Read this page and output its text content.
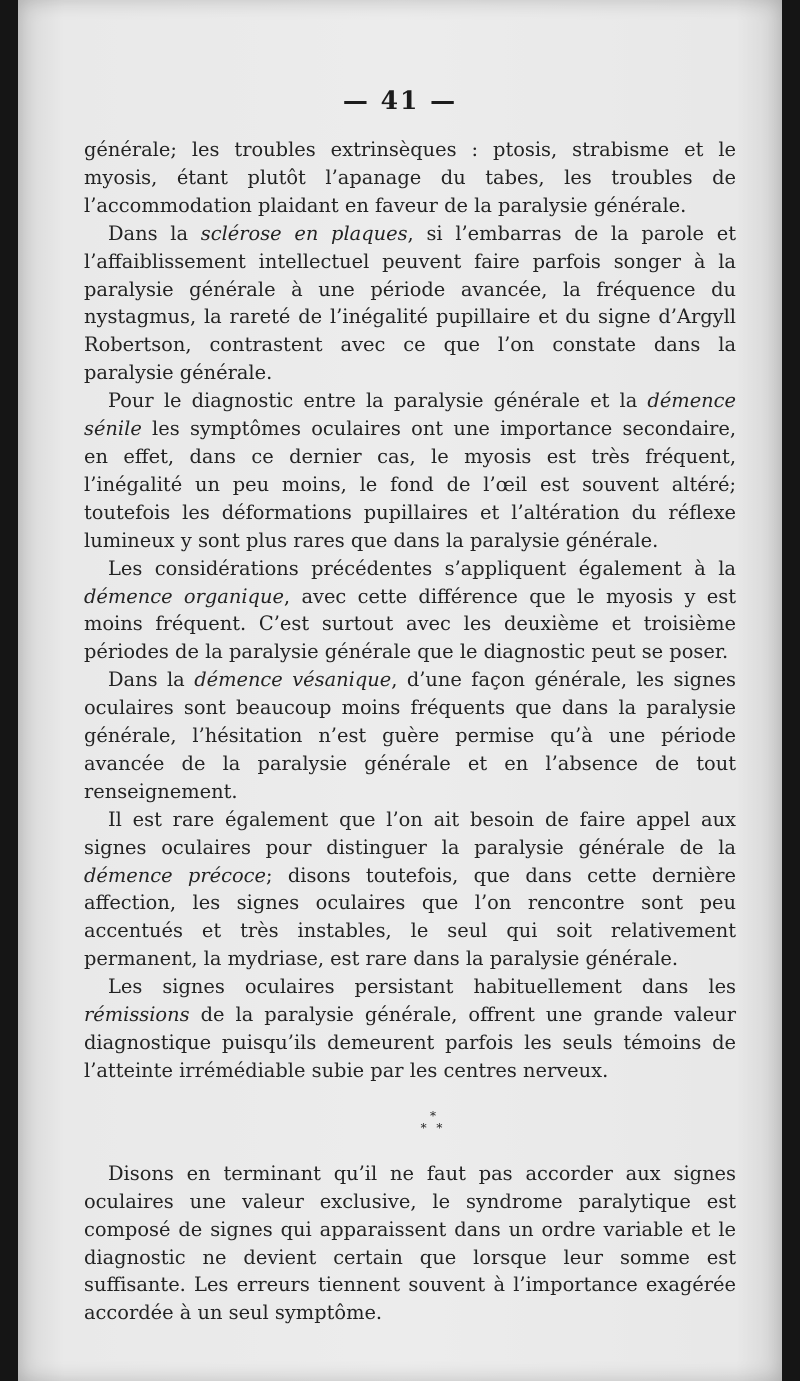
— 41 —

générale; les troubles extrinsèques : ptosis, strabisme et le myosis, étant plutôt l’apanage du tabes, les troubles de l’accommodation plaidant en faveur de la paralysie générale.

Dans la sclérose en plaques, si l’embarras de la parole et l’affaiblissement intellectuel peuvent faire parfois songer à la paralysie générale à une période avancée, la fréquence du nystagmus, la rareté de l’inégalité pupillaire et du signe d’Argyll Robertson, contrastent avec ce que l’on constate dans la paralysie générale.

Pour le diagnostic entre la paralysie générale et la démence sénile les symptômes oculaires ont une importance secondaire, en effet, dans ce dernier cas, le myosis est très fréquent, l’inégalité un peu moins, le fond de l’œil est souvent altéré; toutefois les déformations pupillaires et l’altération du réflexe lumineux y sont plus rares que dans la paralysie générale.

Les considérations précédentes s’appliquent également à la démence organique, avec cette différence que le myosis y est moins fréquent. C’est surtout avec les deuxième et troisième périodes de la paralysie générale que le diagnostic peut se poser.

Dans la démence vésanique, d’une façon générale, les signes oculaires sont beaucoup moins fréquents que dans la paralysie générale, l’hésitation n’est guère permise qu’à une période avancée de la paralysie générale et en l’absence de tout renseignement.

Il est rare également que l’on ait besoin de faire appel aux signes oculaires pour distinguer la paralysie générale de la démence précoce; disons toutefois, que dans cette dernière affection, les signes oculaires que l’on rencontre sont peu accentués et très instables, le seul qui soit relativement permanent, la mydriase, est rare dans la paralysie générale.

Les signes oculaires persistant habituellement dans les rémissions de la paralysie générale, offrent une grande valeur diagnostique puisqu’ils demeurent parfois les seuls témoins de l’atteinte irrémédiable subie par les centres nerveux.

*
* *

Disons en terminant qu’il ne faut pas accorder aux signes oculaires une valeur exclusive, le syndrome paralytique est composé de signes qui apparaissent dans un ordre variable et le diagnostic ne devient certain que lorsque leur somme est suffisante. Les erreurs tiennent souvent à l’importance exagérée accordée à un seul symptôme.
